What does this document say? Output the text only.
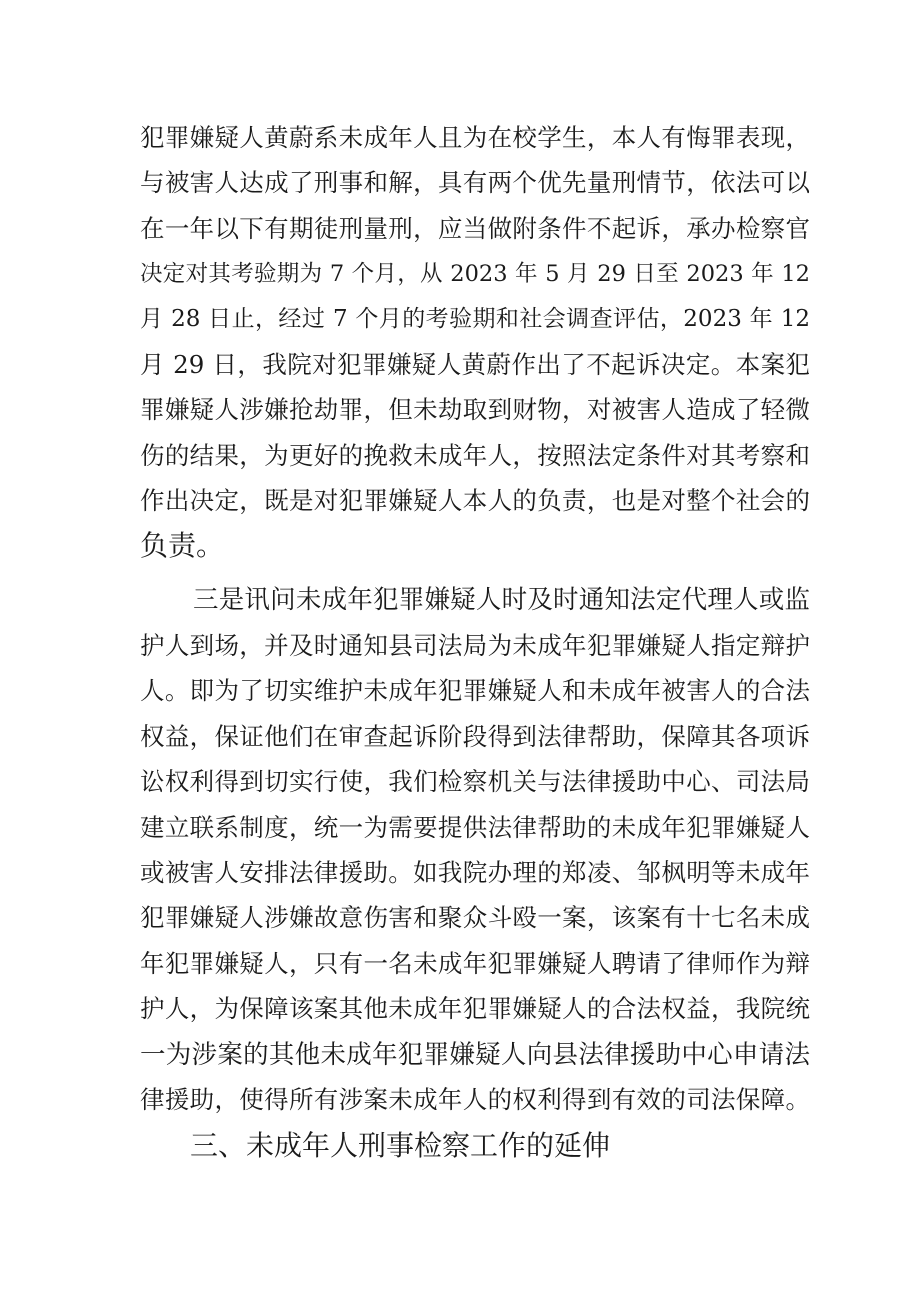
犯罪嫌疑人黄蔚系未成年人且为在校学生，本人有悔罪表现，
与被害人达成了刑事和解，具有两个优先量刑情节，依法可以
在一年以下有期徒刑量刑，应当做附条件不起诉，承办检察官
决定对其考验期为 7 个月，从 2023 年 5 月 29 日至 2023 年 12
月 28 日止，经过 7 个月的考验期和社会调查评估，2023 年 12
月 29 日，我院对犯罪嫌疑人黄蔚作出了不起诉决定。本案犯
罪嫌疑人涉嫌抢劫罪，但未劫取到财物，对被害人造成了轻微
伤的结果，为更好的挽救未成年人，按照法定条件对其考察和
作出决定，既是对犯罪嫌疑人本人的负责，也是对整个社会的
负责。
三是讯问未成年犯罪嫌疑人时及时通知法定代理人或监
护人到场，并及时通知县司法局为未成年犯罪嫌疑人指定辩护
人。即为了切实维护未成年犯罪嫌疑人和未成年被害人的合法
权益，保证他们在审查起诉阶段得到法律帮助，保障其各项诉
讼权利得到切实行使，我们检察机关与法律援助中心、司法局
建立联系制度，统一为需要提供法律帮助的未成年犯罪嫌疑人
或被害人安排法律援助。如我院办理的郑凌、邹枫明等未成年
犯罪嫌疑人涉嫌故意伤害和聚众斗殴一案，该案有十七名未成
年犯罪嫌疑人，只有一名未成年犯罪嫌疑人聘请了律师作为辩
护人，为保障该案其他未成年犯罪嫌疑人的合法权益，我院统
一为涉案的其他未成年犯罪嫌疑人向县法律援助中心申请法
律援助，使得所有涉案未成年人的权利得到有效的司法保障。
三、未成年人刑事检察工作的延伸
